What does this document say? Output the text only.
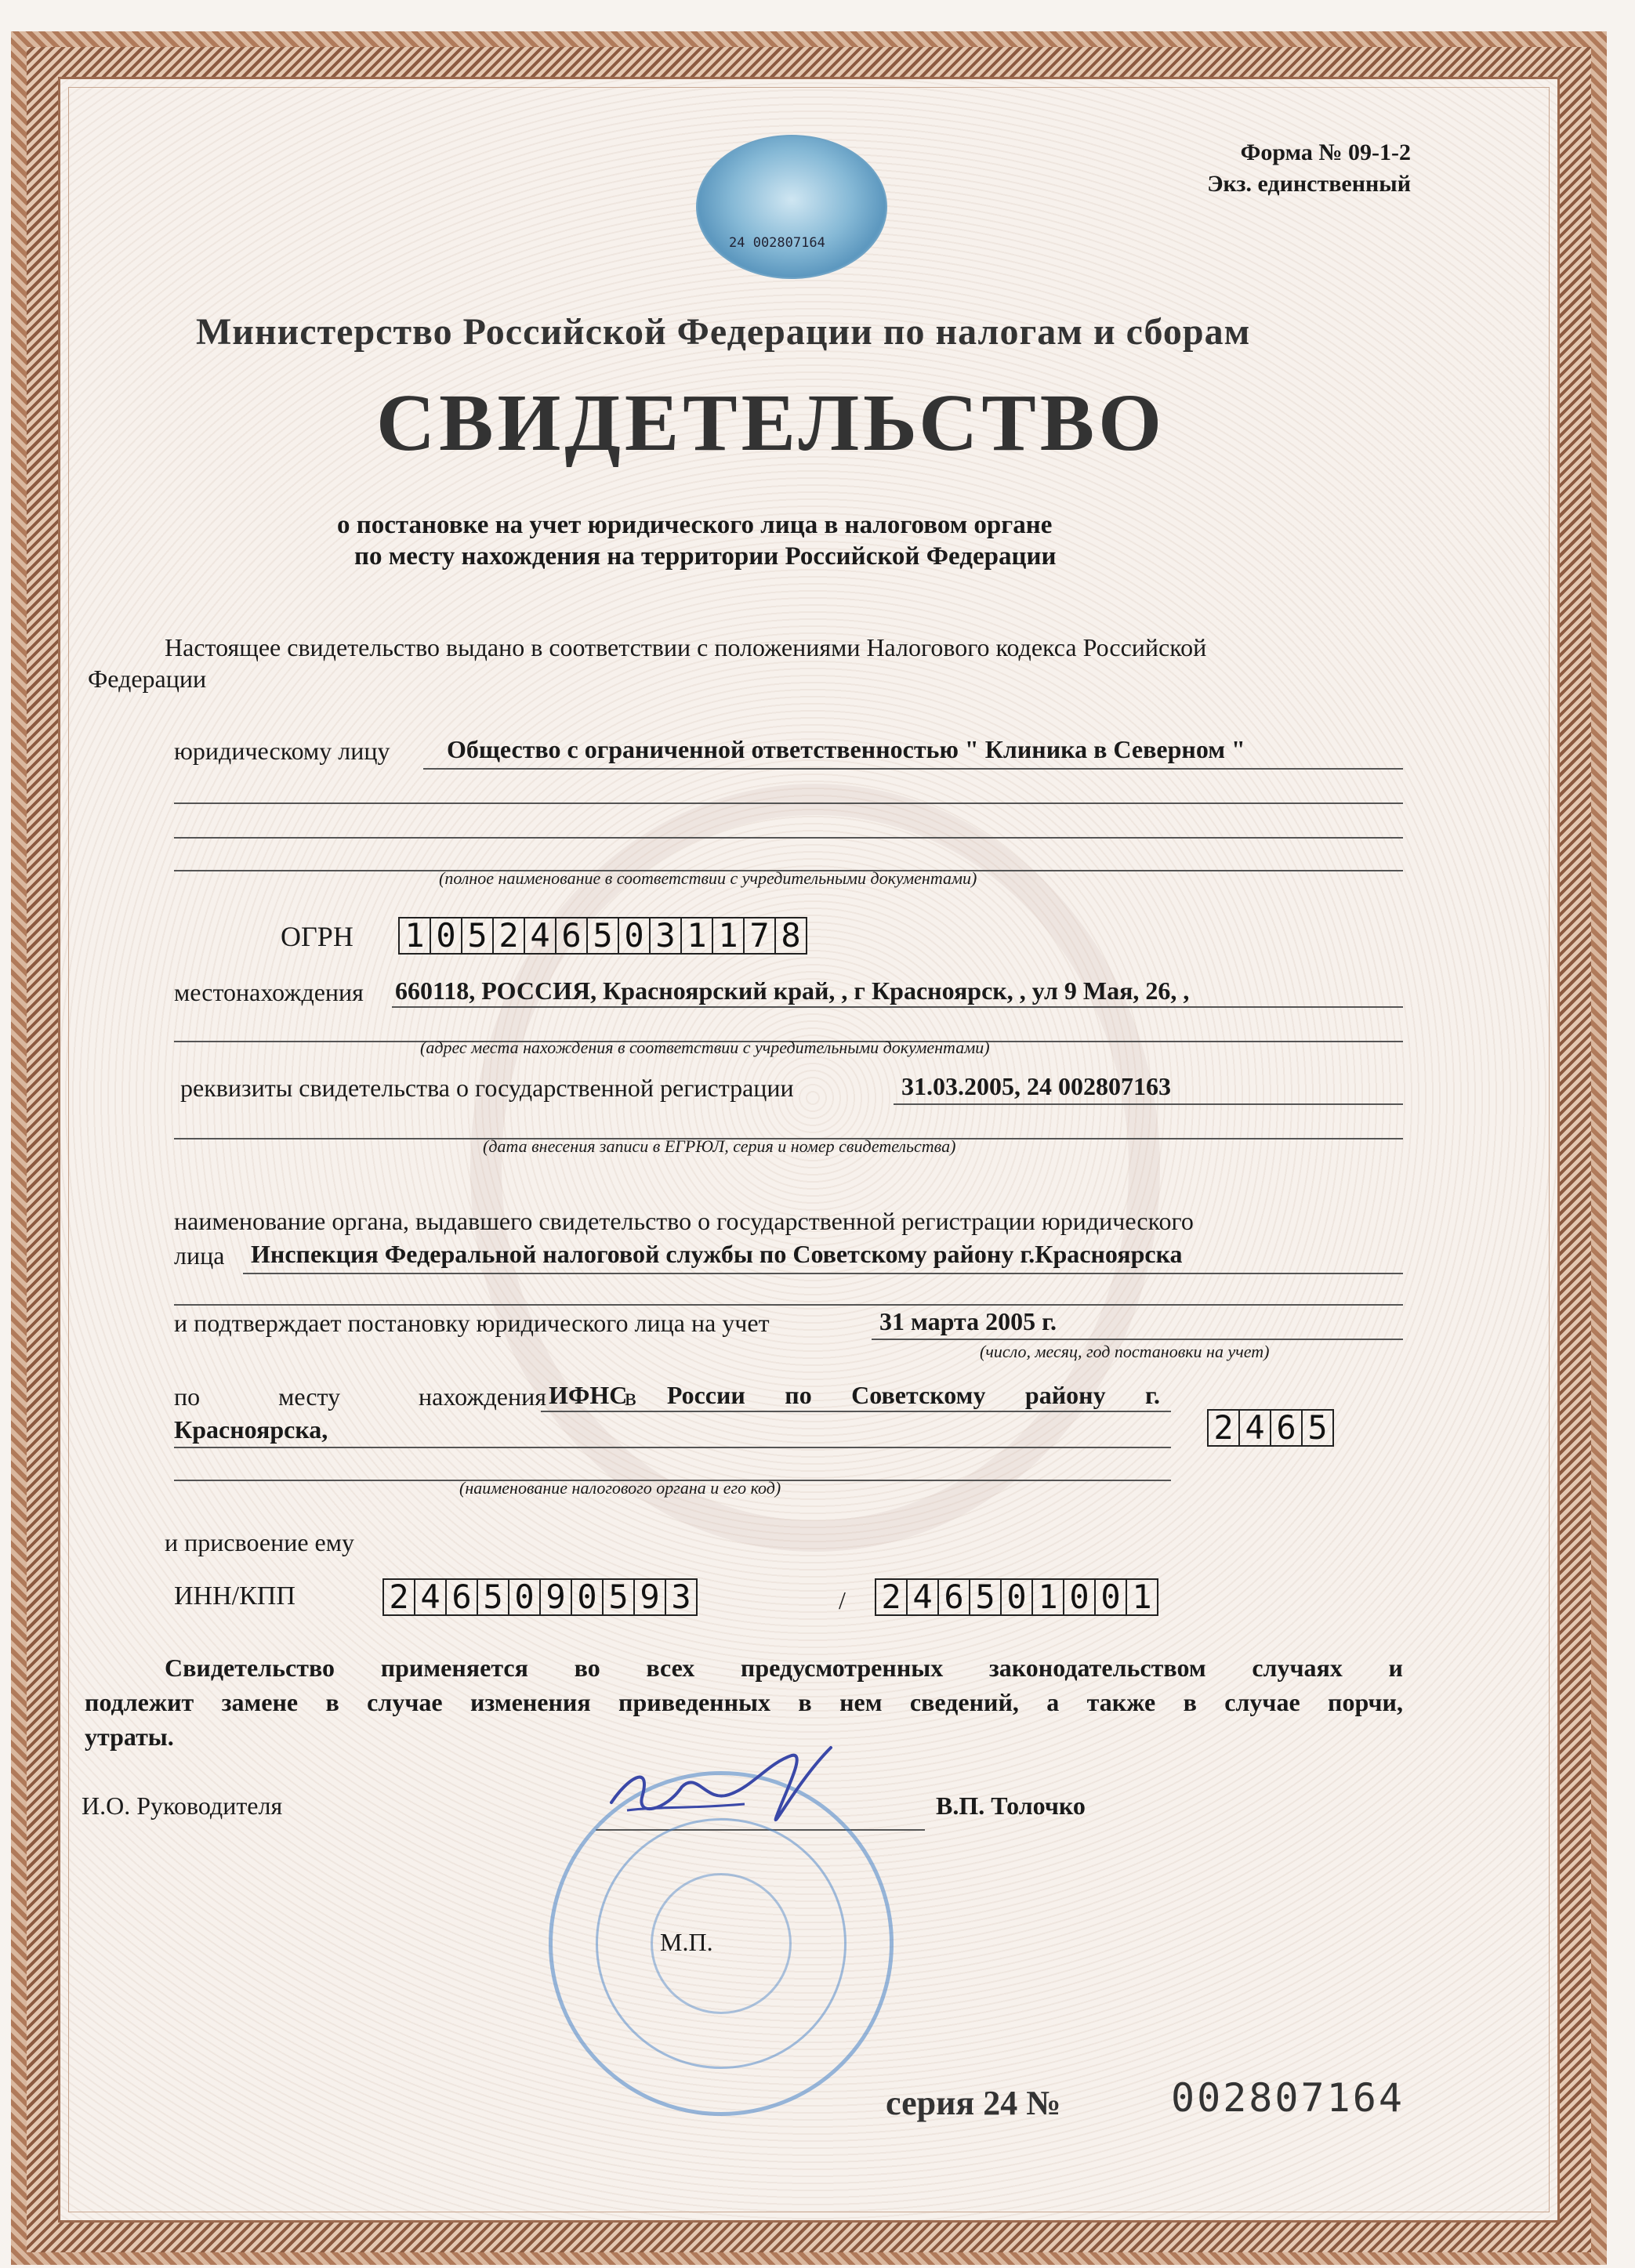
24 002807164
Форма № 09-1-2
Экз. единственный
Министерство Российской Федерации по налогам и сборам
СВИДЕТЕЛЬСТВО
о постановке на учет юридического лица в налоговом органе
по месту нахождения на территории Российской Федерации
Настоящее свидетельство выдано в соответствии с положениями Налогового кодекса Российской
Федерации
юридическому лицу Общество с ограниченной ответственностью " Клиника в Северном "
(полное наименование в соответствии с учредительными документами)
ОГРН 1 0 5 2 4 6 5 0 3 1 1 7 8
местонахождения 660118, РОССИЯ, Красноярский край, , г Красноярск, , ул 9 Мая, 26, ,
(адрес места нахождения в соответствии с учредительными документами)
реквизиты свидетельства о государственной регистрации	31.03.2005, 24 002807163
(дата внесения записи в ЕГРЮЛ, серия и номер свидетельства)
наименование органа, выдавшего свидетельство о государственной регистрации юридического
лица Инспекция Федеральной налоговой службы по Советскому району г.Красноярска
и подтверждает постановку юридического лица на учет	31 марта 2005 г.
(число, месяц, год постановки на учет)
по	месту	нахождения	в
ИФНС России по Советскому району г.
Красноярска,
(наименование налогового органа и его код)
2 4 6 5
и присвоение ему
ИНН/КПП	2 4 6 5 0 9 0 5 9 3	/ 2 4 6 5 0 1 0 0 1
Свидетельство применяется во всех предусмотренных законодательством случаях и
подлежит замене в случае изменения приведенных в нем сведений, а также в случае порчи,
утраты.
И.О. Руководителя	В.П. Толочко
М.П.
серия 24 №	002807164
